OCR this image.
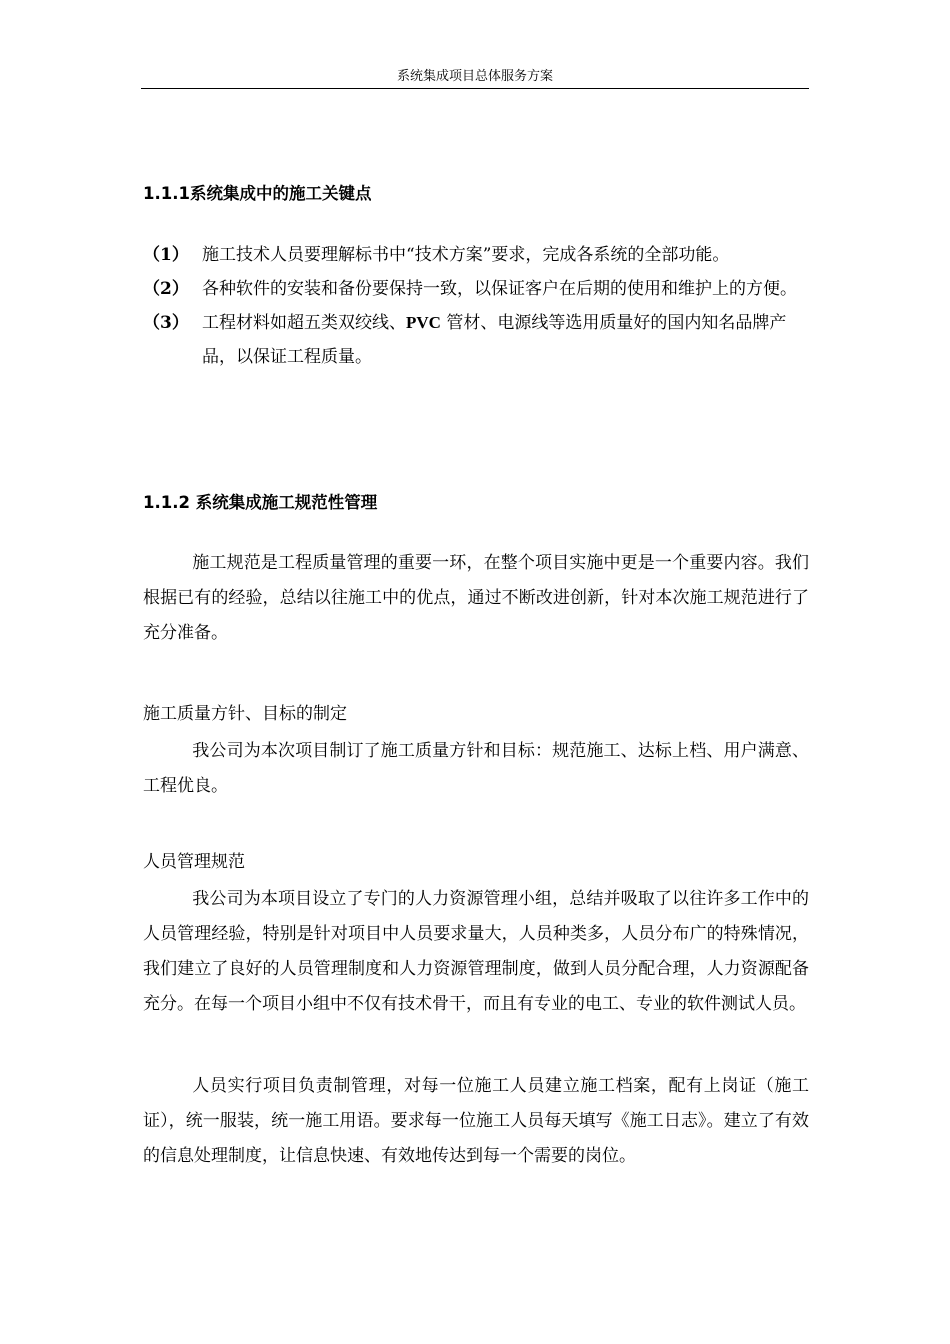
系统集成项目总体服务方案
1.1.1系统集成中的施工关键点
（1） 施工技术人员要理解标书中“技术方案”要求，完成各系统的全部功能。
（2） 各种软件的安装和备份要保持一致，以保证客户在后期的使用和维护上的方便。
（3） 工程材料如超五类双绞线、PVC 管材、电源线等选用质量好的国内知名品牌产品，以保证工程质量。
1.1.2 系统集成施工规范性管理
施工规范是工程质量管理的重要一环，在整个项目实施中更是一个重要内容。我们根据已有的经验，总结以往施工中的优点，通过不断改进创新，针对本次施工规范进行了充分准备。
施工质量方针、目标的制定
我公司为本次项目制订了施工质量方针和目标：规范施工、达标上档、用户满意、工程优良。
人员管理规范
我公司为本项目设立了专门的人力资源管理小组，总结并吸取了以往许多工作中的人员管理经验，特别是针对项目中人员要求量大，人员种类多，人员分布广的特殊情况，我们建立了良好的人员管理制度和人力资源管理制度，做到人员分配合理，人力资源配备充分。在每一个项目小组中不仅有技术骨干，而且有专业的电工、专业的软件测试人员。
人员实行项目负责制管理，对每一位施工人员建立施工档案，配有上岗证（施工证），统一服装，统一施工用语。要求每一位施工人员每天填写《施工日志》。建立了有效的信息处理制度，让信息快速、有效地传达到每一个需要的岗位。
